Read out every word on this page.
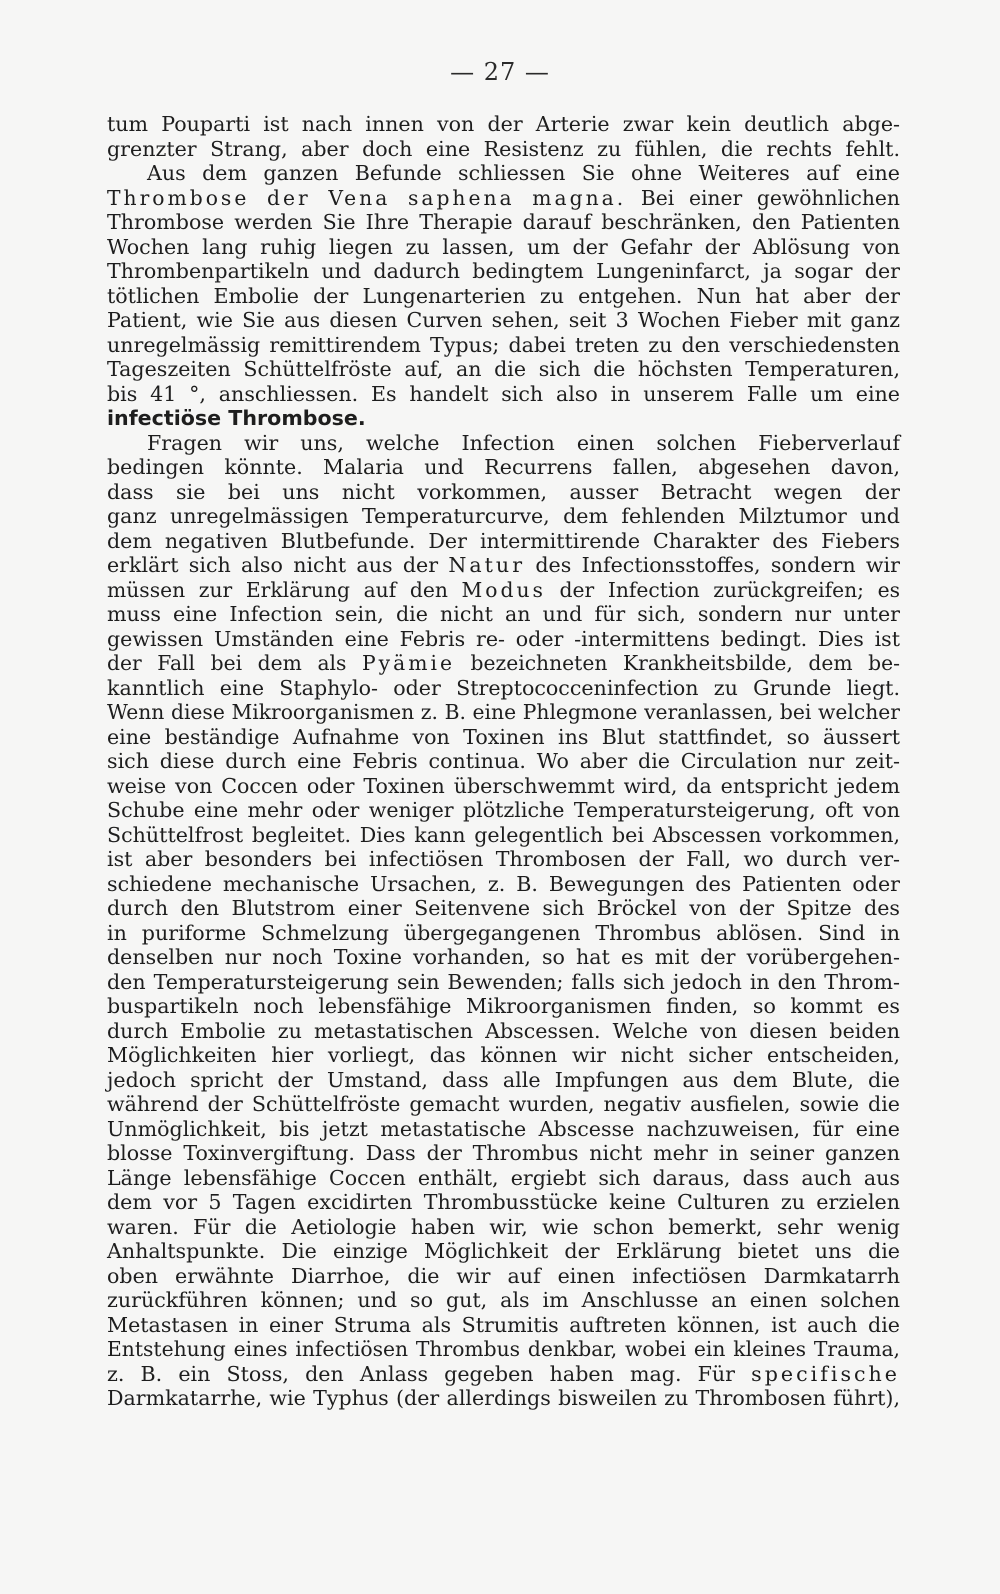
— 27 —
tum Pouparti ist nach innen von der Arterie zwar kein deutlich abge-
grenzter Strang, aber doch eine Resistenz zu fühlen, die rechts fehlt.
Aus dem ganzen Befunde schliessen Sie ohne Weiteres auf eine
Thrombose der Vena saphena magna. Bei einer gewöhnlichen
Thrombose werden Sie Ihre Therapie darauf beschränken, den Patienten
Wochen lang ruhig liegen zu lassen, um der Gefahr der Ablösung von
Thrombenpartikeln und dadurch bedingtem Lungeninfarct, ja sogar der
tötlichen Embolie der Lungenarterien zu entgehen. Nun hat aber der
Patient, wie Sie aus diesen Curven sehen, seit 3 Wochen Fieber mit ganz
unregelmässig remittirendem Typus; dabei treten zu den verschiedensten
Tageszeiten Schüttelfröste auf, an die sich die höchsten Temperaturen,
bis 41 °, anschliessen. Es handelt sich also in unserem Falle um eine
infectiöse Thrombose.
Fragen wir uns, welche Infection einen solchen Fieberverlauf
bedingen könnte. Malaria und Recurrens fallen, abgesehen davon,
dass sie bei uns nicht vorkommen, ausser Betracht wegen der
ganz unregelmässigen Temperaturcurve, dem fehlenden Milztumor und
dem negativen Blutbefunde. Der intermittirende Charakter des Fiebers
erklärt sich also nicht aus der Natur des Infectionsstoffes, sondern wir
müssen zur Erklärung auf den Modus der Infection zurückgreifen; es
muss eine Infection sein, die nicht an und für sich, sondern nur unter
gewissen Umständen eine Febris re- oder -intermittens bedingt. Dies ist
der Fall bei dem als Pyämie bezeichneten Krankheitsbilde, dem be-
kanntlich eine Staphylo- oder Streptococceninfection zu Grunde liegt.
Wenn diese Mikroorganismen z. B. eine Phlegmone veranlassen, bei welcher
eine beständige Aufnahme von Toxinen ins Blut stattfindet, so äussert
sich diese durch eine Febris continua. Wo aber die Circulation nur zeit-
weise von Coccen oder Toxinen überschwemmt wird, da entspricht jedem
Schube eine mehr oder weniger plötzliche Temperatursteigerung, oft von
Schüttelfrost begleitet. Dies kann gelegentlich bei Abscessen vorkommen,
ist aber besonders bei infectiösen Thrombosen der Fall, wo durch ver-
schiedene mechanische Ursachen, z. B. Bewegungen des Patienten oder
durch den Blutstrom einer Seitenvene sich Bröckel von der Spitze des
in puriforme Schmelzung übergegangenen Thrombus ablösen. Sind in
denselben nur noch Toxine vorhanden, so hat es mit der vorübergehen-
den Temperatursteigerung sein Bewenden; falls sich jedoch in den Throm-
buspartikeln noch lebensfähige Mikroorganismen finden, so kommt es
durch Embolie zu metastatischen Abscessen. Welche von diesen beiden
Möglichkeiten hier vorliegt, das können wir nicht sicher entscheiden,
jedoch spricht der Umstand, dass alle Impfungen aus dem Blute, die
während der Schüttelfröste gemacht wurden, negativ ausfielen, sowie die
Unmöglichkeit, bis jetzt metastatische Abscesse nachzuweisen, für eine
blosse Toxinvergiftung. Dass der Thrombus nicht mehr in seiner ganzen
Länge lebensfähige Coccen enthält, ergiebt sich daraus, dass auch aus
dem vor 5 Tagen excidirten Thrombusstücke keine Culturen zu erzielen
waren. Für die Aetiologie haben wir, wie schon bemerkt, sehr wenig
Anhaltspunkte. Die einzige Möglichkeit der Erklärung bietet uns die
oben erwähnte Diarrhoe, die wir auf einen infectiösen Darmkatarrh
zurückführen können; und so gut, als im Anschlusse an einen solchen
Metastasen in einer Struma als Strumitis auftreten können, ist auch die
Entstehung eines infectiösen Thrombus denkbar, wobei ein kleines Trauma,
z. B. ein Stoss, den Anlass gegeben haben mag. Für specifische
Darmkatarrhe, wie Typhus (der allerdings bisweilen zu Thrombosen führt),
